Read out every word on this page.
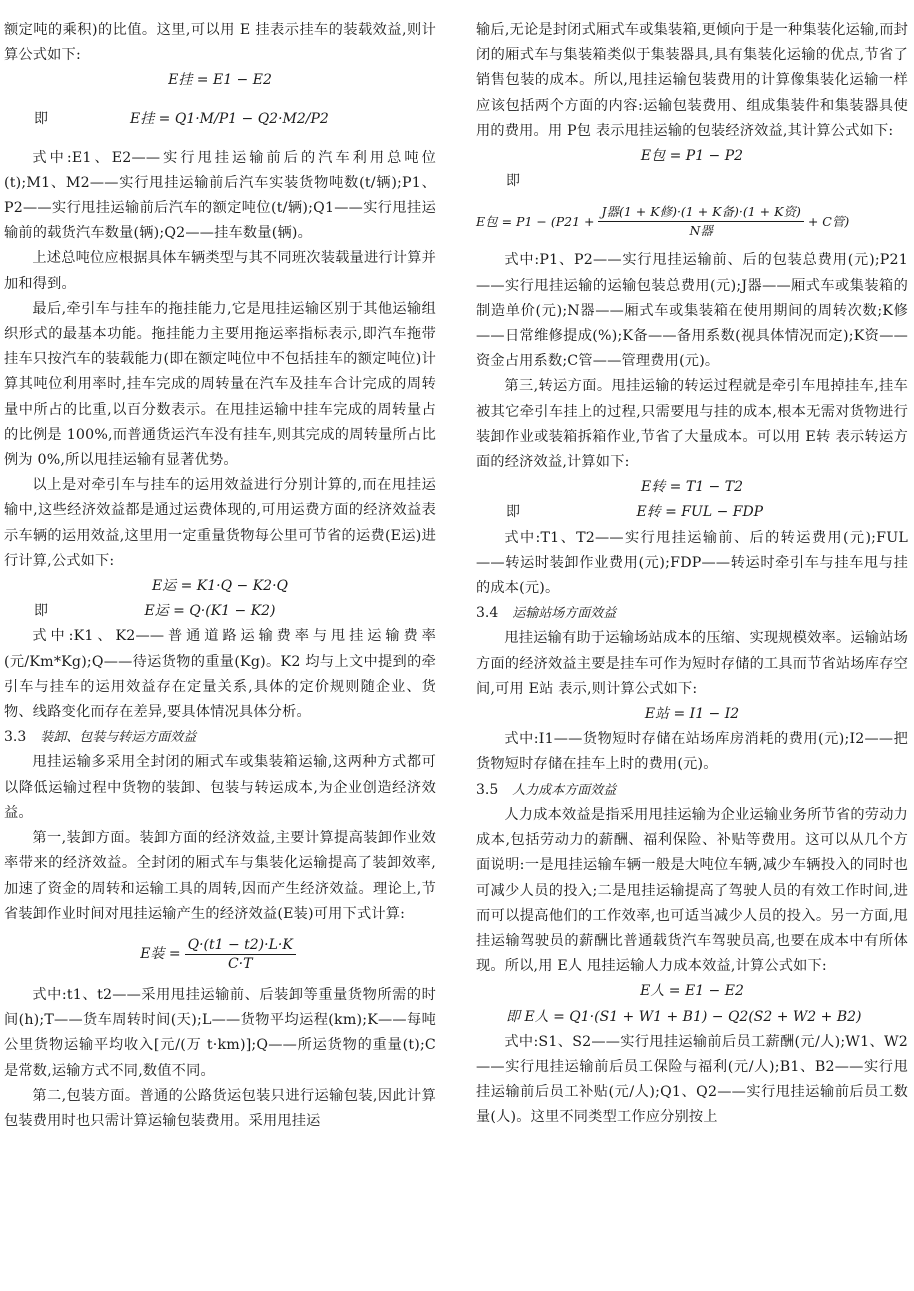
额定吨的乘积)的比值。这里,可以用 E 挂表示挂车的装载效益,则计算公式如下:

E挂 = E1 − E2

即	E挂 = Q1·M/P1 − Q2·M2/P2

式中:E1、E2——实行甩挂运输前后的汽车利用总吨位(t);M1、M2——实行甩挂运输前后汽车实装货物吨数(t/辆);P1、P2——实行甩挂运输前后汽车的额定吨位(t/辆);Q1——实行甩挂运输前的载货汽车数量(辆);Q2——挂车数量(辆)。

上述总吨位应根据具体车辆类型与其不同班次装载量进行计算并加和得到。

最后,牵引车与挂车的拖挂能力,它是甩挂运输区别于其他运输组织形式的最基本功能。拖挂能力主要用拖运率指标表示,即汽车拖带挂车只按汽车的装载能力(即在额定吨位中不包括挂车的额定吨位)计算其吨位利用率时,挂车完成的周转量在汽车及挂车合计完成的周转量中所占的比重,以百分数表示。在甩挂运输中挂车完成的周转量占的比例是 100%,而普通货运汽车没有挂车,则其完成的周转量所占比例为 0%,所以甩挂运输有显著优势。

以上是对牵引车与挂车的运用效益进行分别计算的,而在甩挂运输中,这些经济效益都是通过运费体现的,可用运费方面的经济效益表示车辆的运用效益,这里用一定重量货物每公里可节省的运费(E运)进行计算,公式如下:

E运 = K1·Q − K2·Q

即	E运 = Q·(K1 − K2)

式中:K1、K2——普通道路运输费率与甩挂运输费率(元/Km*Kg);Q——待运货物的重量(Kg)。K2 均与上文中提到的牵引车与挂车的运用效益存在定量关系,具体的定价规则随企业、货物、线路变化而存在差异,要具体情况具体分析。

3.3 装卸、包装与转运方面效益

甩挂运输多采用全封闭的厢式车或集装箱运输,这两种方式都可以降低运输过程中货物的装卸、包装与转运成本,为企业创造经济效益。

第一,装卸方面。装卸方面的经济效益,主要计算提高装卸作业效率带来的经济效益。全封闭的厢式车与集装化运输提高了装卸效率,加速了资金的周转和运输工具的周转,因而产生经济效益。理论上,节省装卸作业时间对甩挂运输产生的经济效益(E装)可用下式计算:

E装 = $\frac{Q\cdot(t1 - t2)\cdot L\cdot K}{C\cdot T}$

式中:t1、t2——采用甩挂运输前、后装卸等重量货物所需的时间(h);T——货车周转时间(天);L——货物平均运程(km);K——每吨公里货物运输平均收入[元/(万 t·km)];Q——所运货物的重量(t);C 是常数,运输方式不同,数值不同。

第二,包装方面。普通的公路货运包装只进行运输包装,因此计算包装费用时也只需计算运输包装费用。采用甩挂运

输后,无论是封闭式厢式车或集装箱,更倾向于是一种集装化运输,而封闭的厢式车与集装箱类似于集装器具,具有集装化运输的优点,节省了销售包装的成本。所以,甩挂运输包装费用的计算像集装化运输一样应该包括两个方面的内容:运输包装费用、组成集装件和集装器具使用的费用。用 P包 表示甩挂运输的包装经济效益,其计算公式如下:

E包 = P1 − P2

即

E包 = $P1 - (P21 + \frac{\text{J器(1 + K修)·(1 + K备)·(1 + K资)}}{\text{N器}} + C$管)

式中:P1、P2——实行甩挂运输前、后的包装总费用(元);P21——实行甩挂运输的运输包装总费用(元);J器——厢式车或集装箱的制造单价(元);N器——厢式车或集装箱在使用期间的周转次数;K修——日常维修提成(%);K备——备用系数(视具体情况而定);K资——资金占用系数;C管——管理费用(元)。

第三,转运方面。甩挂运输的转运过程就是牵引车甩掉挂车,挂车被其它牵引车挂上的过程,只需要甩与挂的成本,根本无需对货物进行装卸作业或装箱拆箱作业,节省了大量成本。可以用 E转 表示转运方面的经济效益,计算如下:

E转 = T1 − T2

即	E转 = FUL − FDP

式中:T1、T2——实行甩挂运输前、后的转运费用(元);FUL——转运时装卸作业费用(元);FDP——转运时牵引车与挂车甩与挂的成本(元)。

3.4 运输站场方面效益

甩挂运输有助于运输场站成本的压缩、实现规模效率。运输站场方面的经济效益主要是挂车可作为短时存储的工具而节省站场库存空间,可用 E站 表示,则计算公式如下:

E站 = I1 − I2

式中:I1——货物短时存储在站场库房消耗的费用(元);I2——把货物短时存储在挂车上时的费用(元)。

3.5 人力成本方面效益

人力成本效益是指采用甩挂运输为企业运输业务所节省的劳动力成本,包括劳动力的薪酬、福利保险、补贴等费用。这可以从几个方面说明:一是甩挂运输车辆一般是大吨位车辆,减少车辆投入的同时也可减少人员的投入;二是甩挂运输提高了驾驶人员的有效工作时间,进而可以提高他们的工作效率,也可适当减少人员的投入。另一方面,甩挂运输驾驶员的薪酬比普通载货汽车驾驶员高,也要在成本中有所体现。所以,用 E人 甩挂运输人力成本效益,计算公式如下:

E人 = E1 − E2

即 E人 = Q1·(S1 + W1 + B1) − Q2(S2 + W2 + B2)

式中:S1、S2——实行甩挂运输前后员工薪酬(元/人);W1、W2——实行甩挂运输前后员工保险与福利(元/人);B1、B2——实行甩挂运输前后员工补贴(元/人);Q1、Q2——实行甩挂运输前后员工数量(人)。这里不同类型工作应分别按上
